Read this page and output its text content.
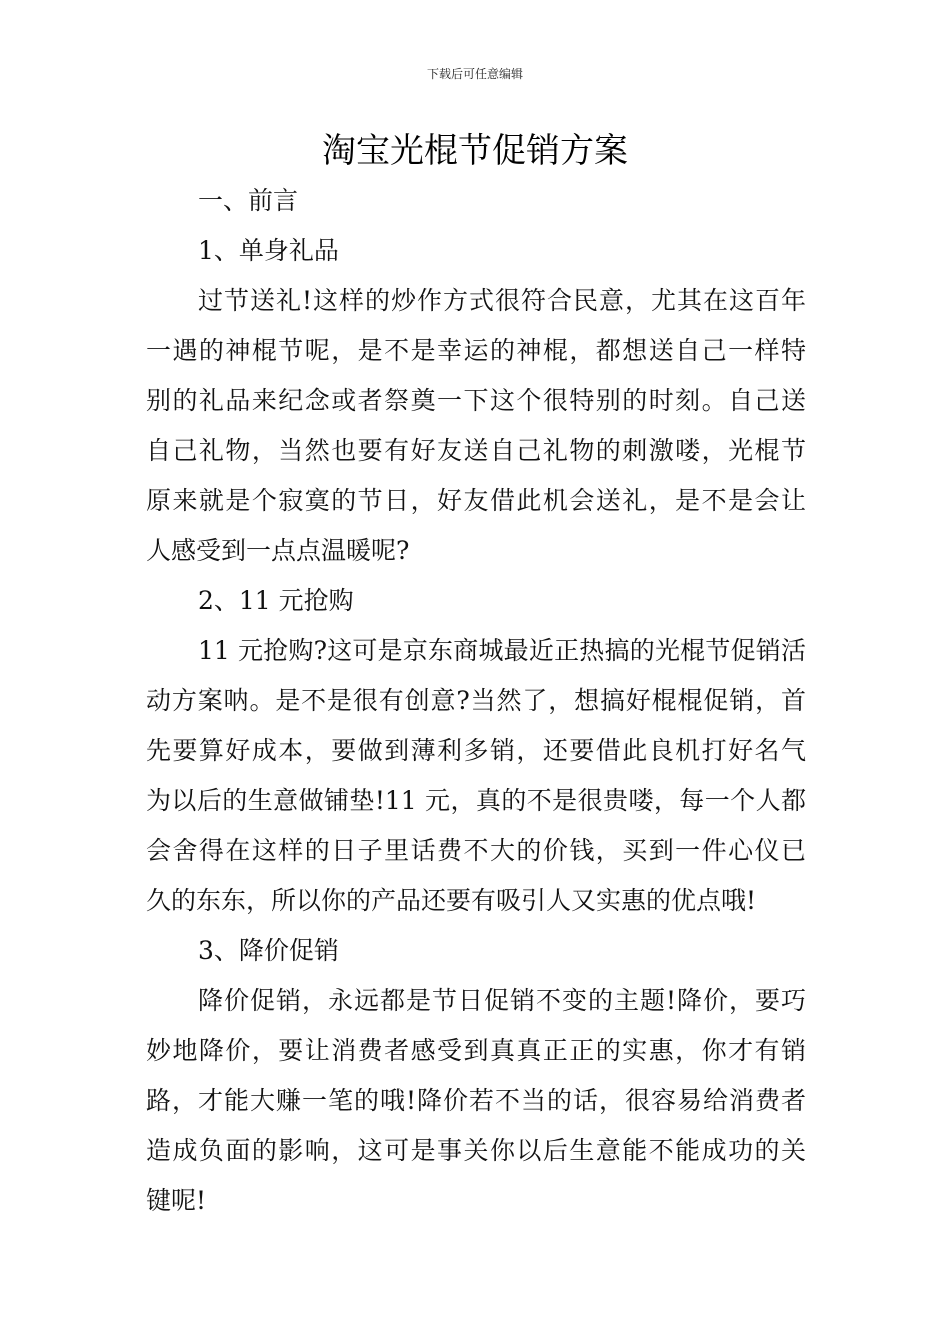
下载后可任意编辑
淘宝光棍节促销方案
一、前言
1、单身礼品
过节送礼!这样的炒作方式很符合民意，尤其在这百年
一遇的神棍节呢，是不是幸运的神棍，都想送自己一样特
别的礼品来纪念或者祭奠一下这个很特别的时刻。自己送
自己礼物，当然也要有好友送自己礼物的刺激喽，光棍节
原来就是个寂寞的节日，好友借此机会送礼，是不是会让
人感受到一点点温暖呢?
2、11 元抢购
11 元抢购?这可是京东商城最近正热搞的光棍节促销活
动方案呐。是不是很有创意?当然了，想搞好棍棍促销，首
先要算好成本，要做到薄利多销，还要借此良机打好名气
为以后的生意做铺垫!11 元，真的不是很贵喽，每一个人都
会舍得在这样的日子里话费不大的价钱，买到一件心仪已
久的东东，所以你的产品还要有吸引人又实惠的优点哦!
3、降价促销
降价促销，永远都是节日促销不变的主题!降价，要巧
妙地降价，要让消费者感受到真真正正的实惠，你才有销
路，才能大赚一笔的哦!降价若不当的话，很容易给消费者
造成负面的影响，这可是事关你以后生意能不能成功的关
键呢!
